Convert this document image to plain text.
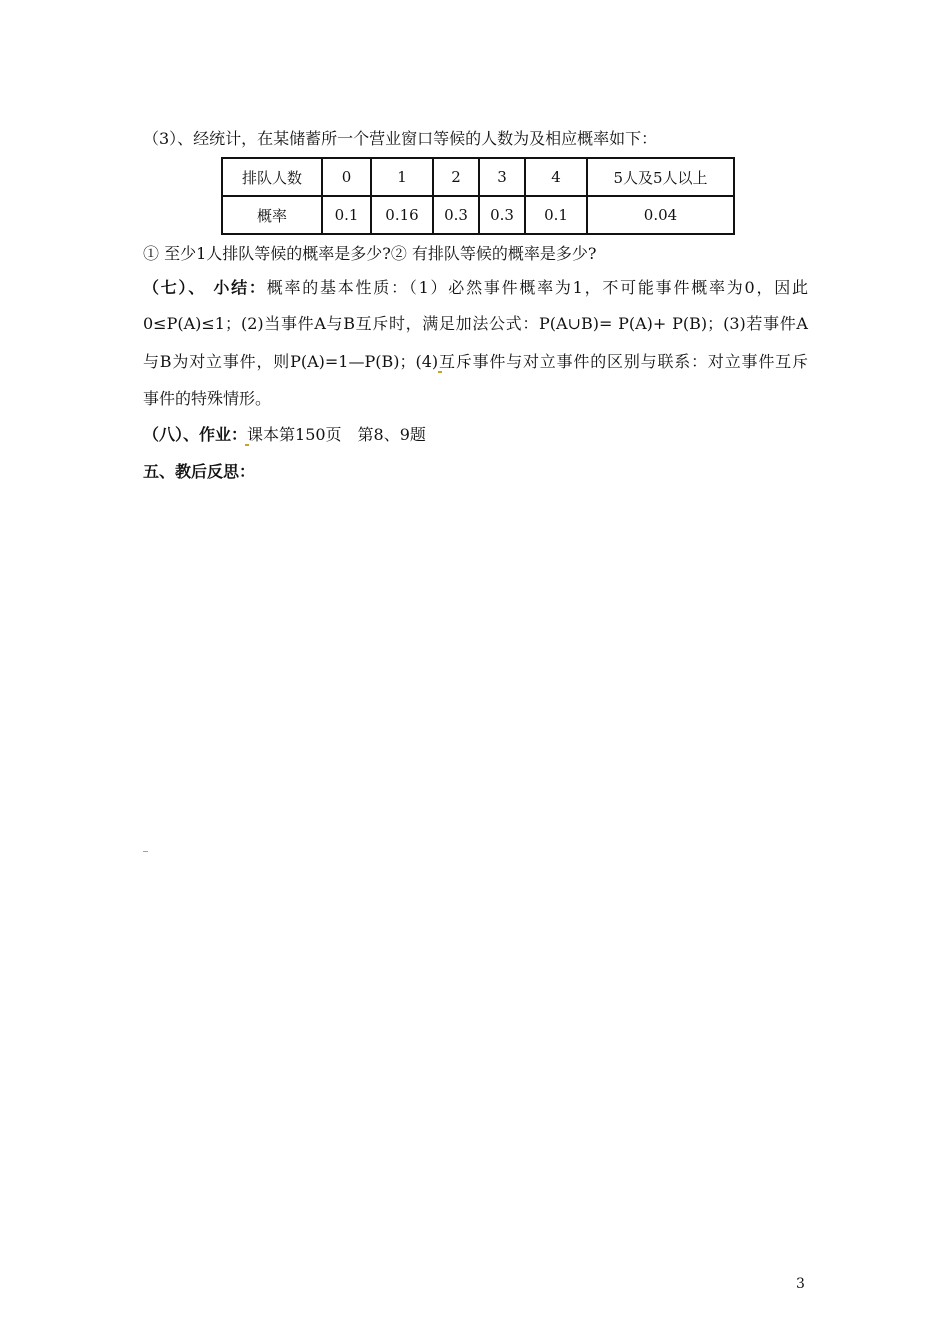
（3）、经统计，在某储蓄所一个营业窗口等候的人数为及相应概率如下：
排队人数	0	1	2	3	4	5人及5人以上
概率	0.1	0.16	0.3	0.3	0.1	0.04
① 至少1人排队等候的概率是多少?② 有排队等候的概率是多少?
（七）、 小结：概率的基本性质：（1）必然事件概率为1，不可能事件概率为0，因此
0≤P(A)≤1；(2)当事件A与B互斥时，满足加法公式：P(A∪B)= P(A)+ P(B)；(3)若事件A
与B为对立事件，则P(A)=1—P(B)；(4)互斥事件与对立事件的区别与联系：对立事件互斥
事件的特殊情形。
（八）、作业：课本第150页　第8、9题
五、教后反思：
3
